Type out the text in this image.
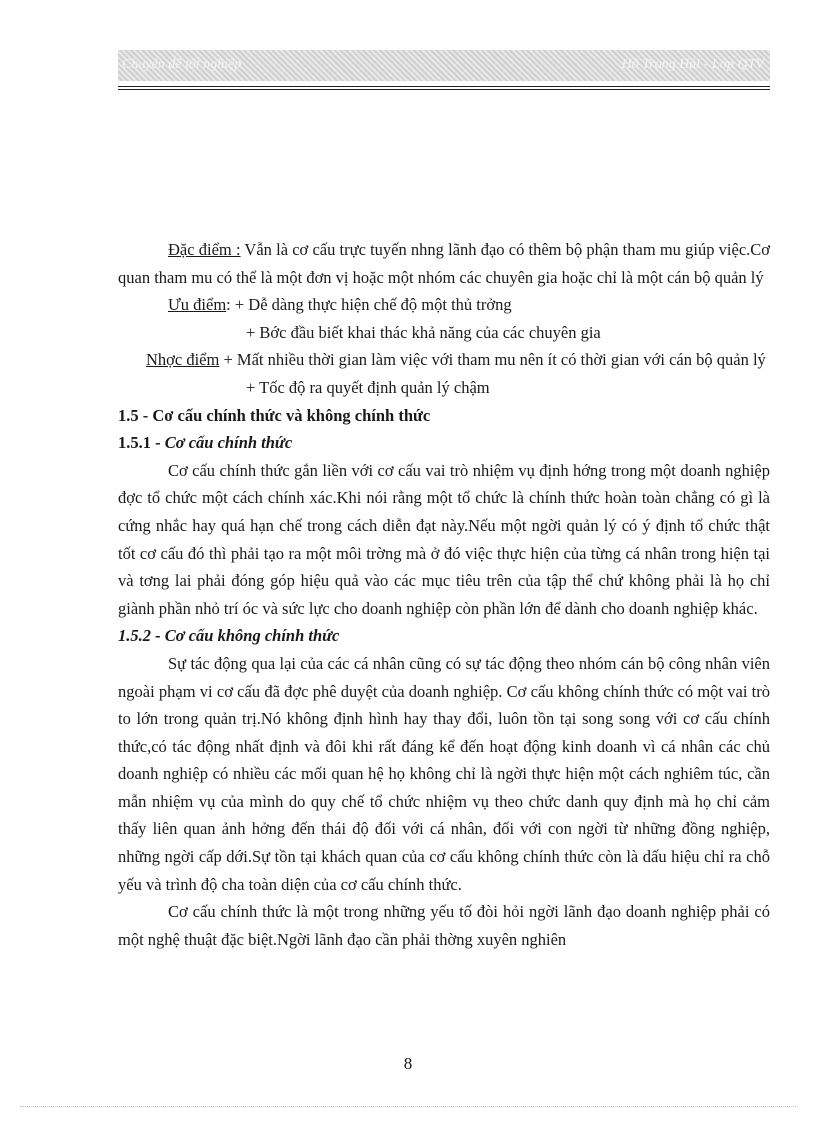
Chuyên đề tốt nghiệp	Hồ Trọng Hải - Lớp QTV

Đặc điểm : Vẫn là cơ cấu trực tuyến nhng lãnh đạo có thêm bộ phận tham mu giúp việc.Cơ quan tham mu có thể là một đơn vị hoặc một nhóm các chuyên gia hoặc chỉ là một cán bộ quản lý

Ưu điểm: + Dễ dàng thực hiện chế độ một thủ trởng

+ Bớc đầu biết khai thác khả năng của các chuyên gia

Nhợc điểm + Mất nhiều thời gian làm việc với tham mu nên ít có thời gian với cán bộ quản lý

+ Tốc độ ra quyết định quản lý chậm

1.5 - Cơ cấu chính thức và không chính thức

1.5.1 - Cơ cấu chính thức

Cơ cấu chính thức gắn liền với cơ cấu vai trò nhiệm vụ định hớng trong một doanh nghiệp đợc tổ chức một cách chính xác.Khi nói rằng một tổ chức là chính thức hoàn toàn chẳng có gì là cứng nhắc hay quá hạn chế trong cách diễn đạt này.Nếu một ngời quản lý có ý định tổ chức thật tốt cơ cấu đó thì phải tạo ra một môi trờng mà ở đó việc thực hiện của từng cá nhân trong hiện tại và tơng lai phải đóng góp hiệu quả vào các mục tiêu trên của tập thể chứ không phải là họ chỉ giành phần nhỏ trí óc và sức lực cho doanh nghiệp còn phần lớn để dành cho doanh nghiệp khác.

1.5.2 - Cơ cấu không chính thức

Sự tác động qua lại của các cá nhân cũng có sự tác động theo nhóm cán bộ công nhân viên ngoài phạm vi cơ cấu đã đợc phê duyệt của doanh nghiệp. Cơ cấu không chính thức có một vai trò to lớn trong quản trị.Nó không định hình hay thay đổi, luôn tồn tại song song với cơ cấu chính thức,có tác động nhất định và đôi khi rất đáng kể đến hoạt động kinh doanh vì cá nhân các chủ doanh nghiệp có nhiều các mối quan hệ họ không chỉ là ngời thực hiện một cách nghiêm túc, cần mẫn nhiệm vụ của mình do quy chế tổ chức nhiệm vụ theo chức danh quy định mà họ chỉ cảm thấy liên quan ảnh hởng đến thái độ đối với cá nhân, đối với con ngời từ những đồng nghiệp, những ngời cấp dới.Sự tồn tại khách quan của cơ cấu không chính thức còn là dấu hiệu chỉ ra chỗ yếu và trình độ cha toàn diện của cơ cấu chính thức.

Cơ cấu chính thức là một trong những yếu tố đòi hỏi ngời lãnh đạo doanh nghiệp phải có một nghệ thuật đặc biệt.Ngời lãnh đạo cần phải thờng xuyên nghiên

8
